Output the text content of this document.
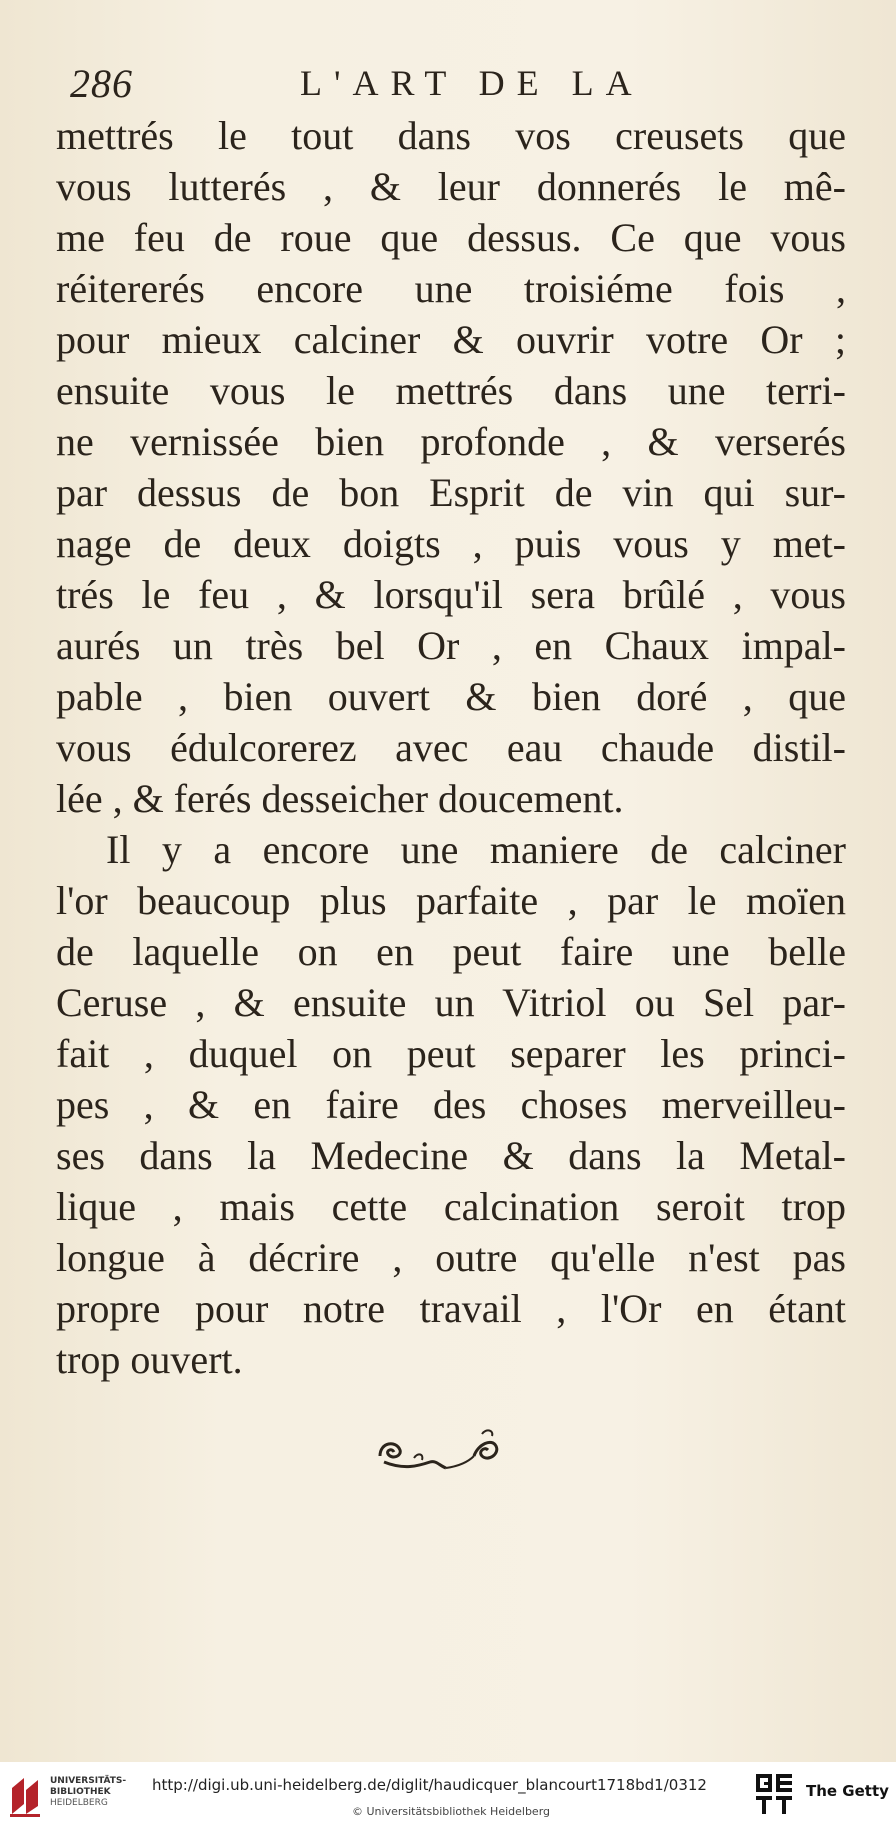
286	L'ART DE LA
mettrés le tout dans vos creusets que
vous lutterés , & leur donnerés le mê-
me feu de roue que dessus. Ce que vous
réitererés encore une troisiéme fois ,
pour mieux calciner & ouvrir votre Or ;
ensuite vous le mettrés dans une terri-
ne vernissée bien profonde , & verserés
par dessus de bon Esprit de vin qui sur-
nage de deux doigts , puis vous y met-
trés le feu , & lorsqu'il sera brûlé , vous
aurés un très bel Or , en Chaux impal-
pable , bien ouvert & bien doré , que
vous édulcorerez avec eau chaude distil-
lée , & ferés desseicher doucement.
Il y a encore une maniere de calciner
l'or beaucoup plus parfaite , par le moïen
de laquelle on en peut faire une belle
Ceruse , & ensuite un Vitriol ou Sel par-
fait , duquel on peut separer les princi-
pes , & en faire des choses merveilleu-
ses dans la Medecine & dans la Metal-
lique , mais cette calcination seroit trop
longue à décrire , outre qu'elle n'est pas
propre pour notre travail , l'Or en étant
trop ouvert.
UNIVERSITÄTS-
BIBLIOTHEK
HEIDELBERG
http://digi.ub.uni-heidelberg.de/diglit/haudicquer_blancourt1718bd1/0312
© Universitätsbibliothek Heidelberg
The Getty
